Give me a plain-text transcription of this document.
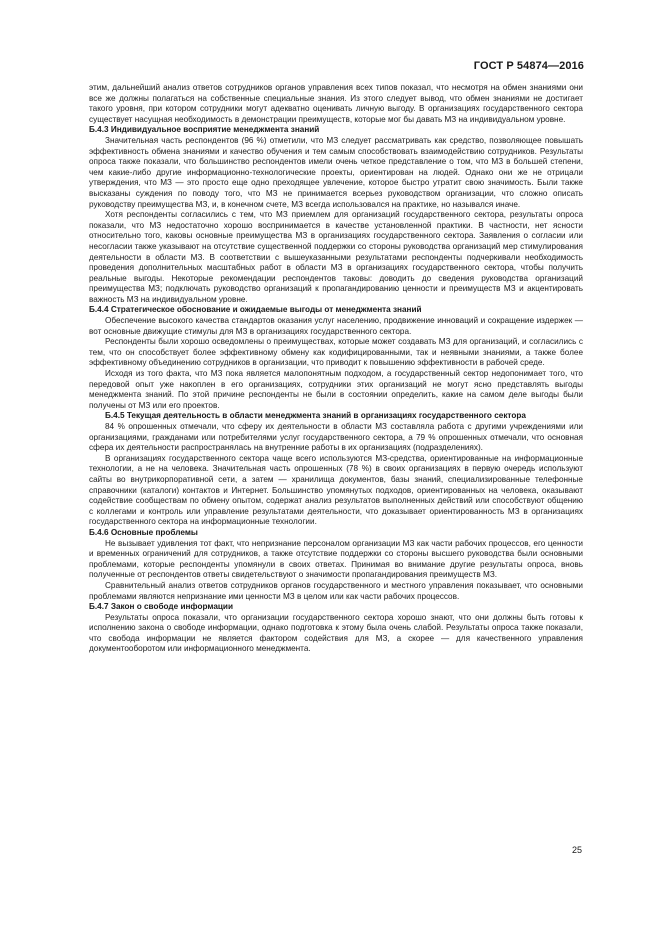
ГОСТ Р 54874—2016

этим, дальнейший анализ ответов сотрудников органов управления всех типов показал, что несмотря на обмен знаниями они все же должны полагаться на собственные специальные знания. Из этого следует вывод, что обмен знаниями не достигает такого уровня, при котором сотрудники могут адекватно оценивать личную выгоду. В организациях государственного сектора существует насущная необходимость в демонстрации преимуществ, которые мог бы давать МЗ на индивидуальном уровне.

Б.4.3 Индивидуальное восприятие менеджмента знаний

Значительная часть респондентов (96 %) отметили, что МЗ следует рассматривать как средство, позволяющее повышать эффективность обмена знаниями и качество обучения и тем самым способствовать взаимодействию сотрудников. Результаты опроса также показали, что большинство респондентов имели очень четкое представление о том, что МЗ в большей степени, чем какие-либо другие информационно-технологические проекты, ориентирован на людей. Однако они же не отрицали утверждения, что МЗ — это просто еще одно преходящее увлечение, которое быстро утратит свою значимость. Были также высказаны суждения по поводу того, что МЗ не принимается всерьез руководством организации, что сложно описать руководству преимущества МЗ, и, в конечном счете, МЗ всегда использовался на практике, но назывался иначе.

Хотя респонденты согласились с тем, что МЗ приемлем для организаций государственного сектора, результаты опроса показали, что МЗ недостаточно хорошо воспринимается в качестве установленной практики. В частности, нет ясности относительно того, каковы основные преимущества МЗ в организациях государственного сектора. Заявления о согласии или несогласии также указывают на отсутствие существенной поддержки со стороны руководства организаций мер стимулирования деятельности в области МЗ. В соответствии с вышеуказанными результатами респонденты подчеркивали необходимость проведения дополнительных масштабных работ в области МЗ в организациях государственного сектора, чтобы получить реальные выгоды. Некоторые рекомендации респондентов таковы: доводить до сведения руководства организаций преимущества МЗ; подключать руководство организаций к пропагандированию ценности и преимуществ МЗ и акцентировать важность МЗ на индивидуальном уровне.

Б.4.4 Стратегическое обоснование и ожидаемые выгоды от менеджмента знаний

Обеспечение высокого качества стандартов оказания услуг населению, продвижение инноваций и сокращение издержек — вот основные движущие стимулы для МЗ в организациях государственного сектора.

Респонденты были хорошо осведомлены о преимуществах, которые может создавать МЗ для организаций, и согласились с тем, что он способствует более эффективному обмену как кодифицированными, так и неявными знаниями, а также более эффективному объединению сотрудников в организации, что приводит к повышению эффективности в рабочей среде.

Исходя из того факта, что МЗ пока является малопонятным подходом, а государственный сектор недопонимает того, что передовой опыт уже накоплен в его организациях, сотрудники этих организаций не могут ясно представлять выгоды менеджмента знаний. По этой причине респонденты не были в состоянии определить, какие на самом деле выгоды были получены от МЗ или его проектов.

Б.4.5 Текущая деятельность в области менеджмента знаний в организациях государственного сектора

84 % опрошенных отмечали, что сферу их деятельности в области МЗ составляла работа с другими учреждениями или организациями, гражданами или потребителями услуг государственного сектора, а 79 % опрошенных отмечали, что основная сфера их деятельности распространялась на внутренние работы в их организациях (подразделениях).

В организациях государственного сектора чаще всего используются МЗ-средства, ориентированные на информационные технологии, а не на человека. Значительная часть опрошенных (78 %) в своих организациях в первую очередь используют сайты во внутрикорпоративной сети, а затем — хранилища документов, базы знаний, специализированные телефонные справочники (каталоги) контактов и Интернет. Большинство упомянутых подходов, ориентированных на человека, оказывают содействие сообществам по обмену опытом, содержат анализ результатов выполненных действий или способствуют общению с коллегами и контроль или управление результатами деятельности, что доказывает ориентированность МЗ в организациях государственного сектора на информационные технологии.

Б.4.6 Основные проблемы

Не вызывает удивления тот факт, что непризнание персоналом организации МЗ как части рабочих процессов, его ценности и временных ограничений для сотрудников, а также отсутствие поддержки со стороны высшего руководства были основными проблемами, которые респонденты упомянули в своих ответах. Принимая во внимание другие результаты опроса, вновь полученные от респондентов ответы свидетельствуют о значимости пропагандирования преимуществ МЗ.

Сравнительный анализ ответов сотрудников органов государственного и местного управления показывает, что основными проблемами являются непризнание ими ценности МЗ в целом или как части рабочих процессов.

Б.4.7 Закон о свободе информации

Результаты опроса показали, что организации государственного сектора хорошо знают, что они должны быть готовы к исполнению закона о свободе информации, однако подготовка к этому была очень слабой. Результаты опроса также показали, что свобода информации не является фактором содействия для МЗ, а скорее — для качественного управления документооборотом или информационного менеджмента.

25
